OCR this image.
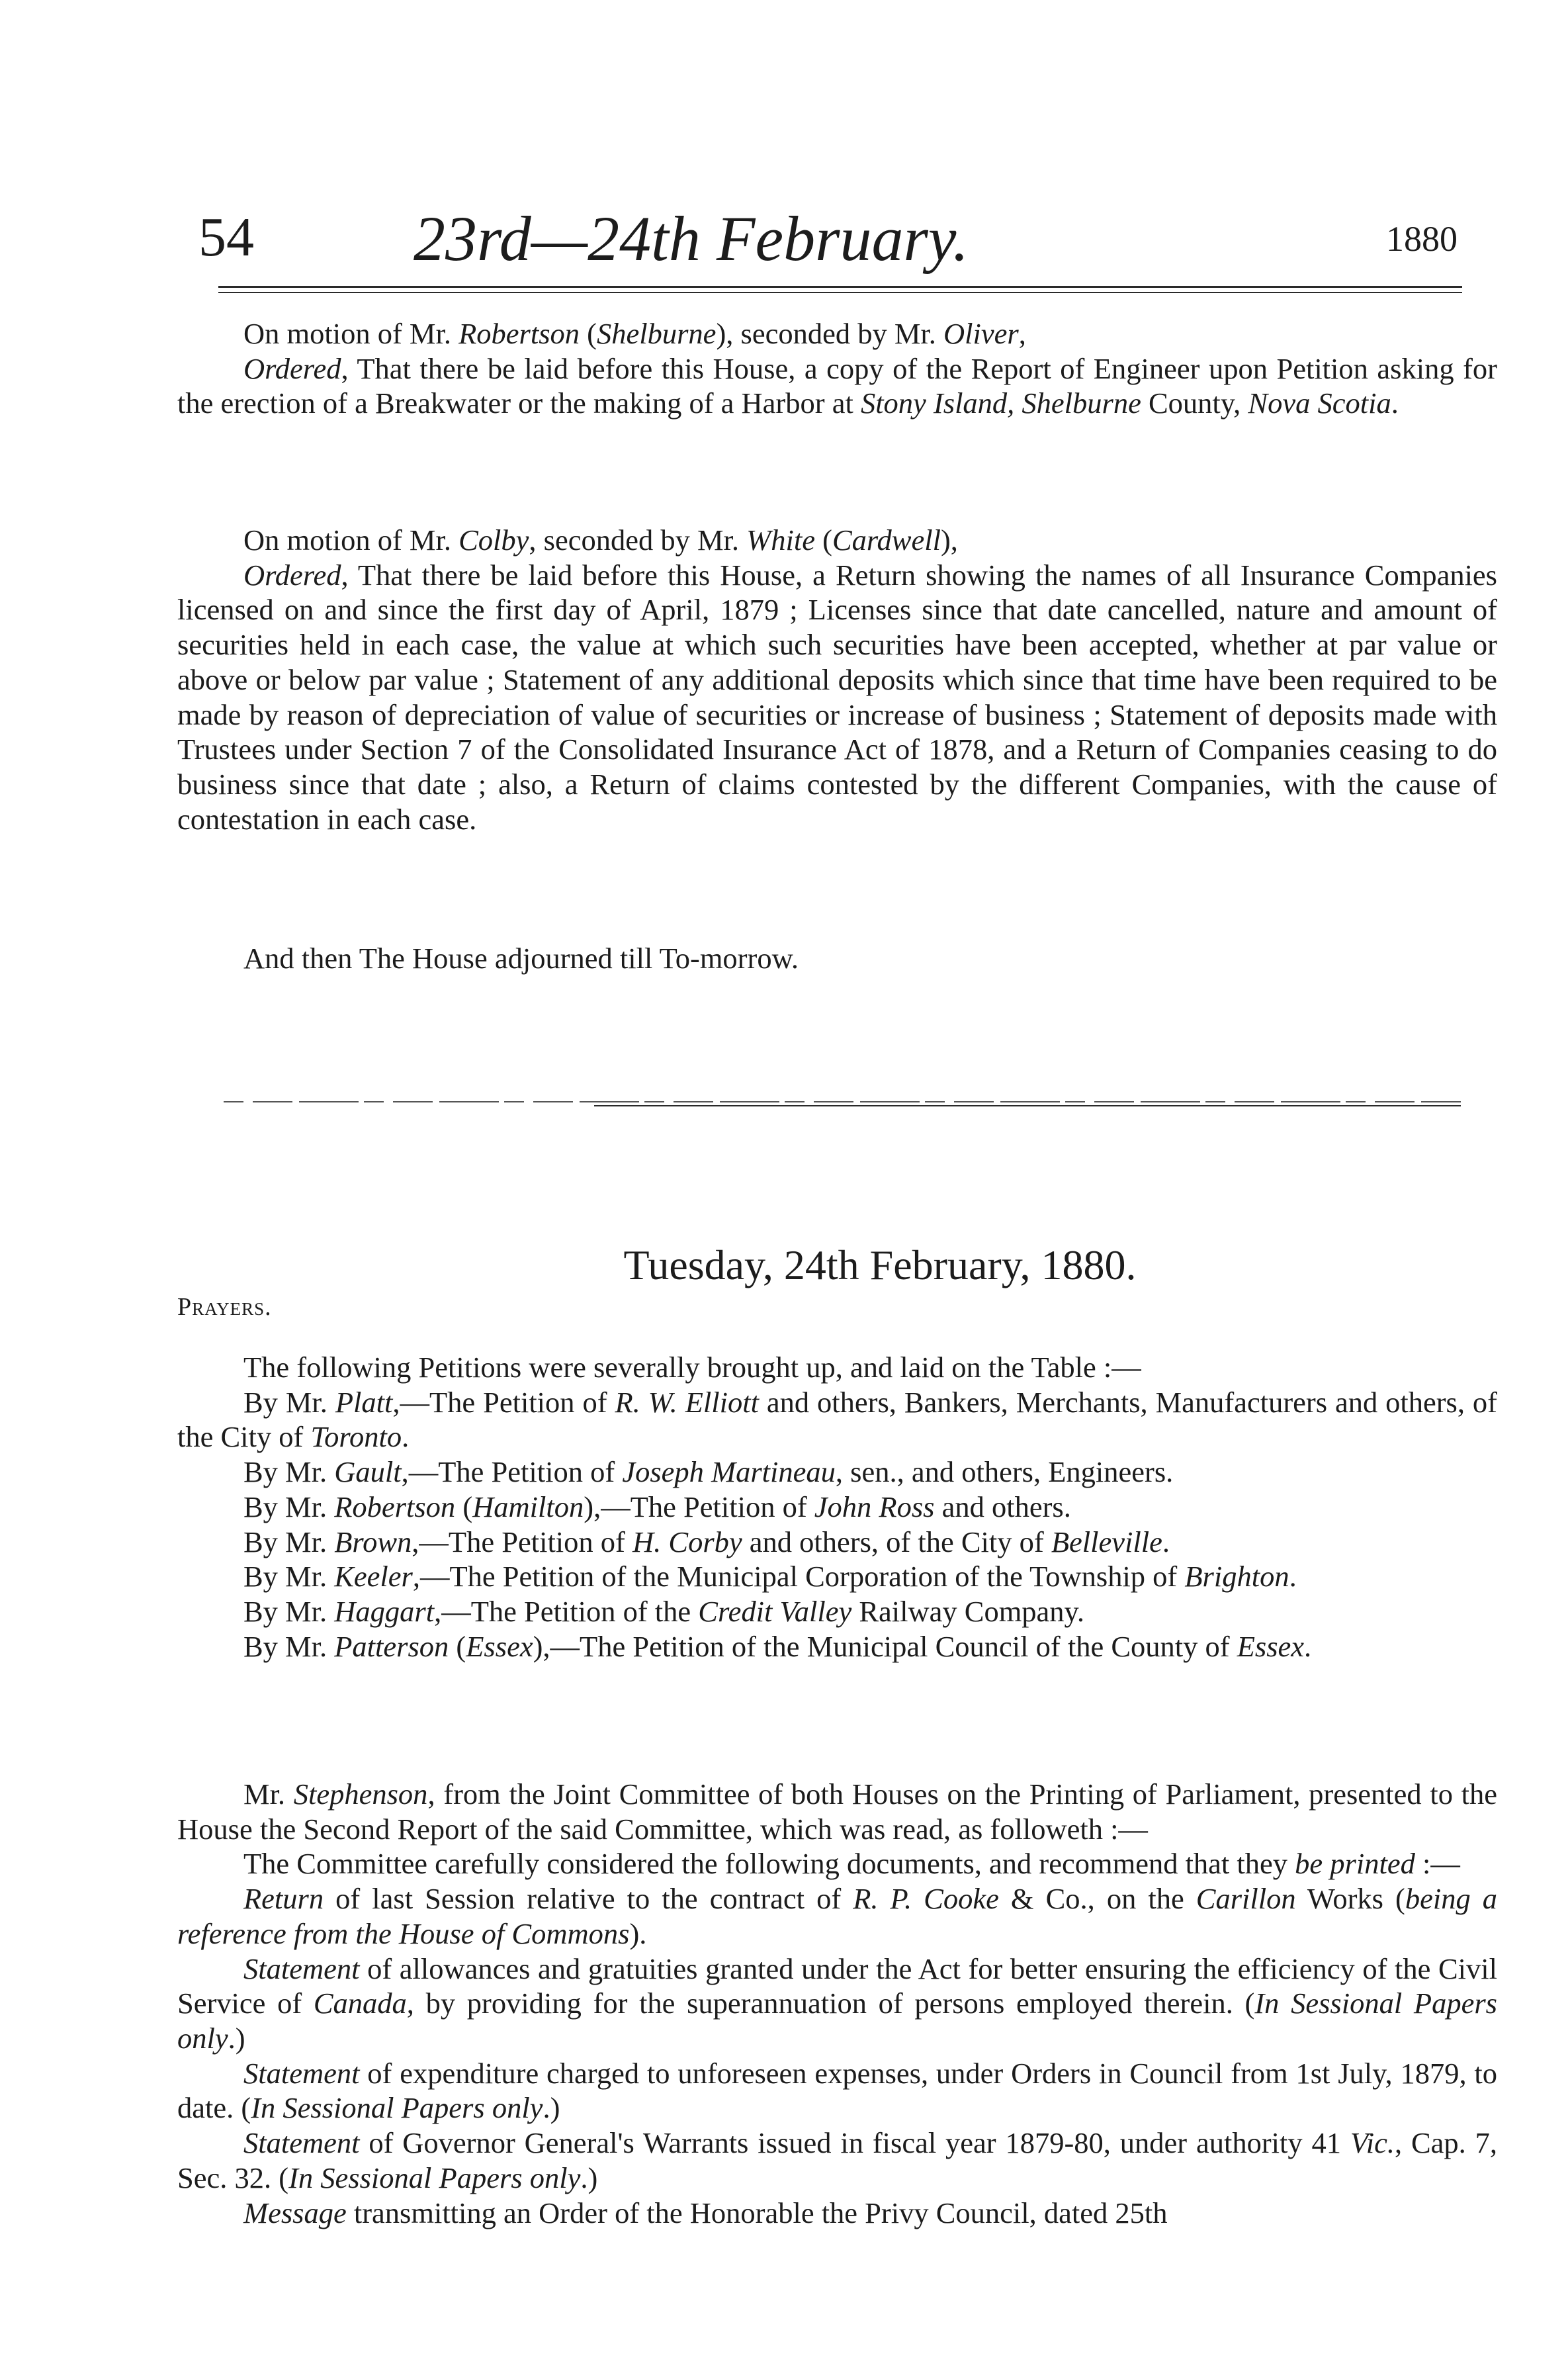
54	23rd—24th February.	1880
On motion of Mr. Robertson (Shelburne), seconded by Mr. Oliver,

Ordered, That there be laid before this House, a copy of the Report of Engineer upon Petition asking for the erection of a Breakwater or the making of a Harbor at Stony Island, Shelburne County, Nova Scotia.

On motion of Mr. Colby, seconded by Mr. White (Cardwell),

Ordered, That there be laid before this House, a Return showing the names of all Insurance Companies licensed on and since the first day of April, 1879 ; Licenses since that date cancelled, nature and amount of securities held in each case, the value at which such securities have been accepted, whether at par value or above or below par value ; Statement of any additional deposits which since that time have been required to be made by reason of depreciation of value of securities or increase of business ; Statement of deposits made with Trustees under Section 7 of the Consolidated Insurance Act of 1878, and a Return of Companies ceasing to do business since that date ; also, a Return of claims contested by the different Companies, with the cause of contestation in each case.

And then The House adjourned till To-morrow.
Tuesday, 24th February, 1880.
Prayers.
The following Petitions were severally brought up, and laid on the Table :—

By Mr. Platt,—The Petition of R. W. Elliott and others, Bankers, Merchants, Manufacturers and others, of the City of Toronto.

By Mr. Gault,—The Petition of Joseph Martineau, sen., and others, Engineers.

By Mr. Robertson (Hamilton),—The Petition of John Ross and others.

By Mr. Brown,—The Petition of H. Corby and others, of the City of Belleville.

By Mr. Keeler,—The Petition of the Municipal Corporation of the Township of Brighton.

By Mr. Haggart,—The Petition of the Credit Valley Railway Company.

By Mr. Patterson (Essex),—The Petition of the Municipal Council of the County of Essex.

Mr. Stephenson, from the Joint Committee of both Houses on the Printing of Parliament, presented to the House the Second Report of the said Committee, which was read, as followeth :—

The Committee carefully considered the following documents, and recommend that they be printed :—

Return of last Session relative to the contract of R. P. Cooke & Co., on the Carillon Works (being a reference from the House of Commons).

Statement of allowances and gratuities granted under the Act for better ensuring the efficiency of the Civil Service of Canada, by providing for the superannuation of persons employed therein. (In Sessional Papers only.)

Statement of expenditure charged to unforeseen expenses, under Orders in Council from 1st July, 1879, to date. (In Sessional Papers only.)

Statement of Governor General's Warrants issued in fiscal year 1879-80, under authority 41 Vic., Cap. 7, Sec. 32. (In Sessional Papers only.)

Message transmitting an Order of the Honorable the Privy Council, dated 25th
